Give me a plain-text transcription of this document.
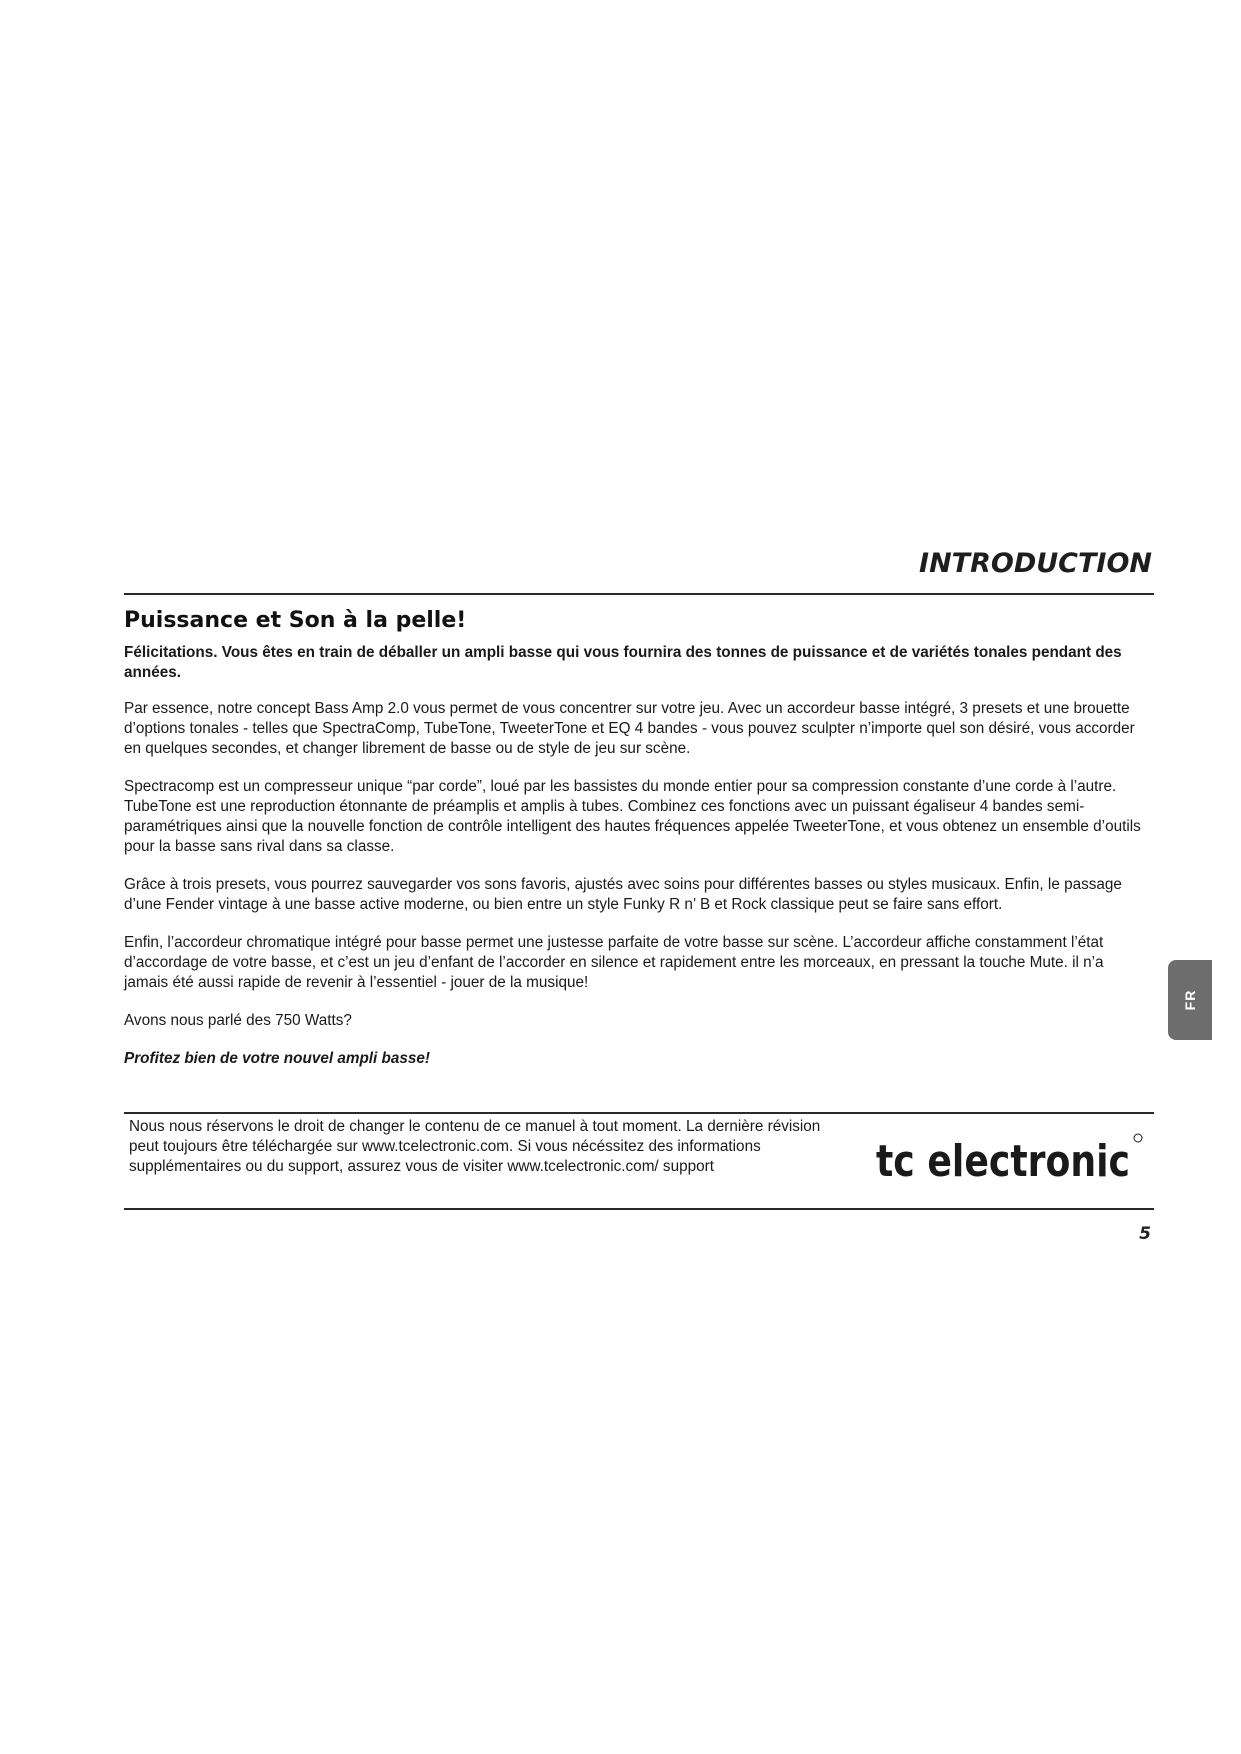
INTRODUCTION
Puissance et Son à la pelle!

Félicitations. Vous êtes en train de déballer un ampli basse qui vous fournira des tonnes de puissance et de variétés tonales pendant des années.

Par essence, notre concept Bass Amp 2.0 vous permet de vous concentrer sur votre jeu. Avec un accordeur basse intégré, 3 presets et une brouette d’options tonales - telles que SpectraComp, TubeTone, TweeterTone et EQ 4 bandes - vous pouvez sculpter n’importe quel son désiré, vous accorder en quelques secondes, et changer librement de basse ou de style de jeu sur scène.

Spectracomp est un compresseur unique “par corde”, loué par les bassistes du monde entier pour sa compression constante d’une corde à l’autre. TubeTone est une reproduction étonnante de préamplis et amplis à tubes. Combinez ces fonctions avec un puissant égaliseur 4 bandes semi-paramétriques ainsi que la nouvelle fonction de contrôle intelligent des hautes fréquences appelée TweeterTone, et vous obtenez un ensemble d’outils pour la basse sans rival dans sa classe.

Grâce à trois presets, vous pourrez sauvegarder vos sons favoris, ajustés avec soins pour différentes basses ou styles musicaux. Enfin, le passage d’une Fender vintage à une basse active moderne, ou bien entre un style Funky R n’ B et Rock classique peut se faire sans effort.

Enfin, l’accordeur chromatique intégré pour basse permet une justesse parfaite de votre basse sur scène. L’accordeur affiche constamment l’état d’accordage de votre basse, et c’est un jeu d’enfant de l’accorder en silence et rapidement entre les morceaux, en pressant la touche Mute. il n’a jamais été aussi rapide de revenir à l’essentiel - jouer de la musique!

Avons nous parlé des 750 Watts?

Profitez bien de votre nouvel ampli basse!

Nous nous réservons le droit de changer le contenu de ce manuel à tout moment. La dernière révision peut toujours être téléchargée sur www.tcelectronic.com. Si vous nécéssitez des informations supplémentaires ou du support, assurez vous de visiter www.tcelectronic.com/ support	tc electronic
FR
5
